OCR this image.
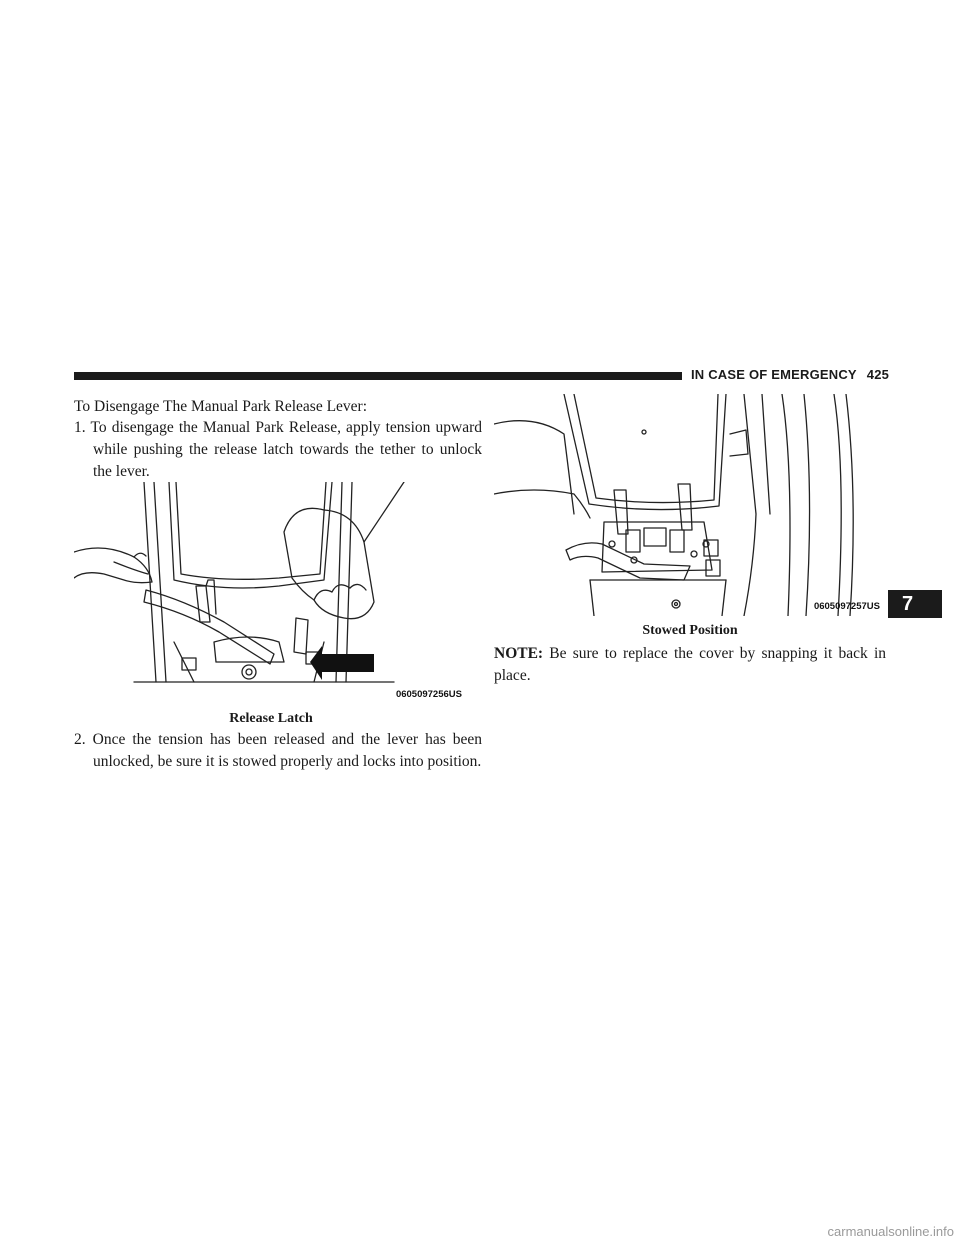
IN CASE OF EMERGENCY 425
To Disengage The Manual Park Release Lever:
1. To disengage the Manual Park Release, apply tension upward while pushing the release latch towards the tether to unlock the lever.
0605097256US
Release Latch
2. Once the tension has been released and the lever has been unlocked, be sure it is stowed properly and locks into position.
0605097257US
Stowed Position
NOTE: Be sure to replace the cover by snapping it back in place.
7
carmanualsonline.info
